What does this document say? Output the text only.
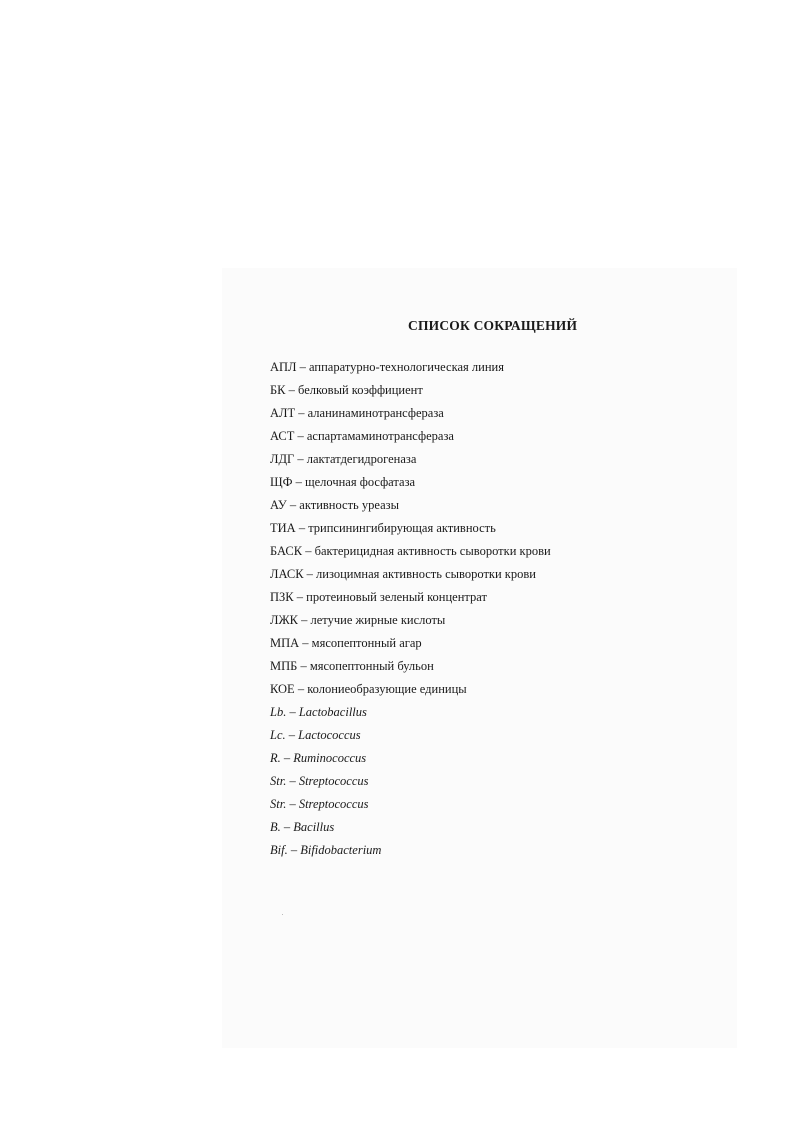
СПИСОК СОКРАЩЕНИЙ
АПЛ – аппаратурно-технологическая линия
БК – белковый коэффициент
АЛТ – аланинаминотрансфераза
АСТ – аспартамаминотрансфераза
ЛДГ – лактатдегидрогеназа
ЩФ – щелочная фосфатаза
АУ – активность уреазы
ТИА – трипсинингибирующая активность
БАСК – бактерицидная активность сыворотки крови
ЛАСК – лизоцимная активность сыворотки крови
ПЗК – протеиновый зеленый концентрат
ЛЖК – летучие жирные кислоты
МПА – мясопептонный агар
МПБ – мясопептонный бульон
КОЕ – колониеобразующие единицы
Lb. – Lactobacillus
Lc. – Lactococcus
R. – Ruminococcus
Str. – Streptococcus
Str. – Streptococcus
B. – Bacillus
Bif. – Bifidobacterium
